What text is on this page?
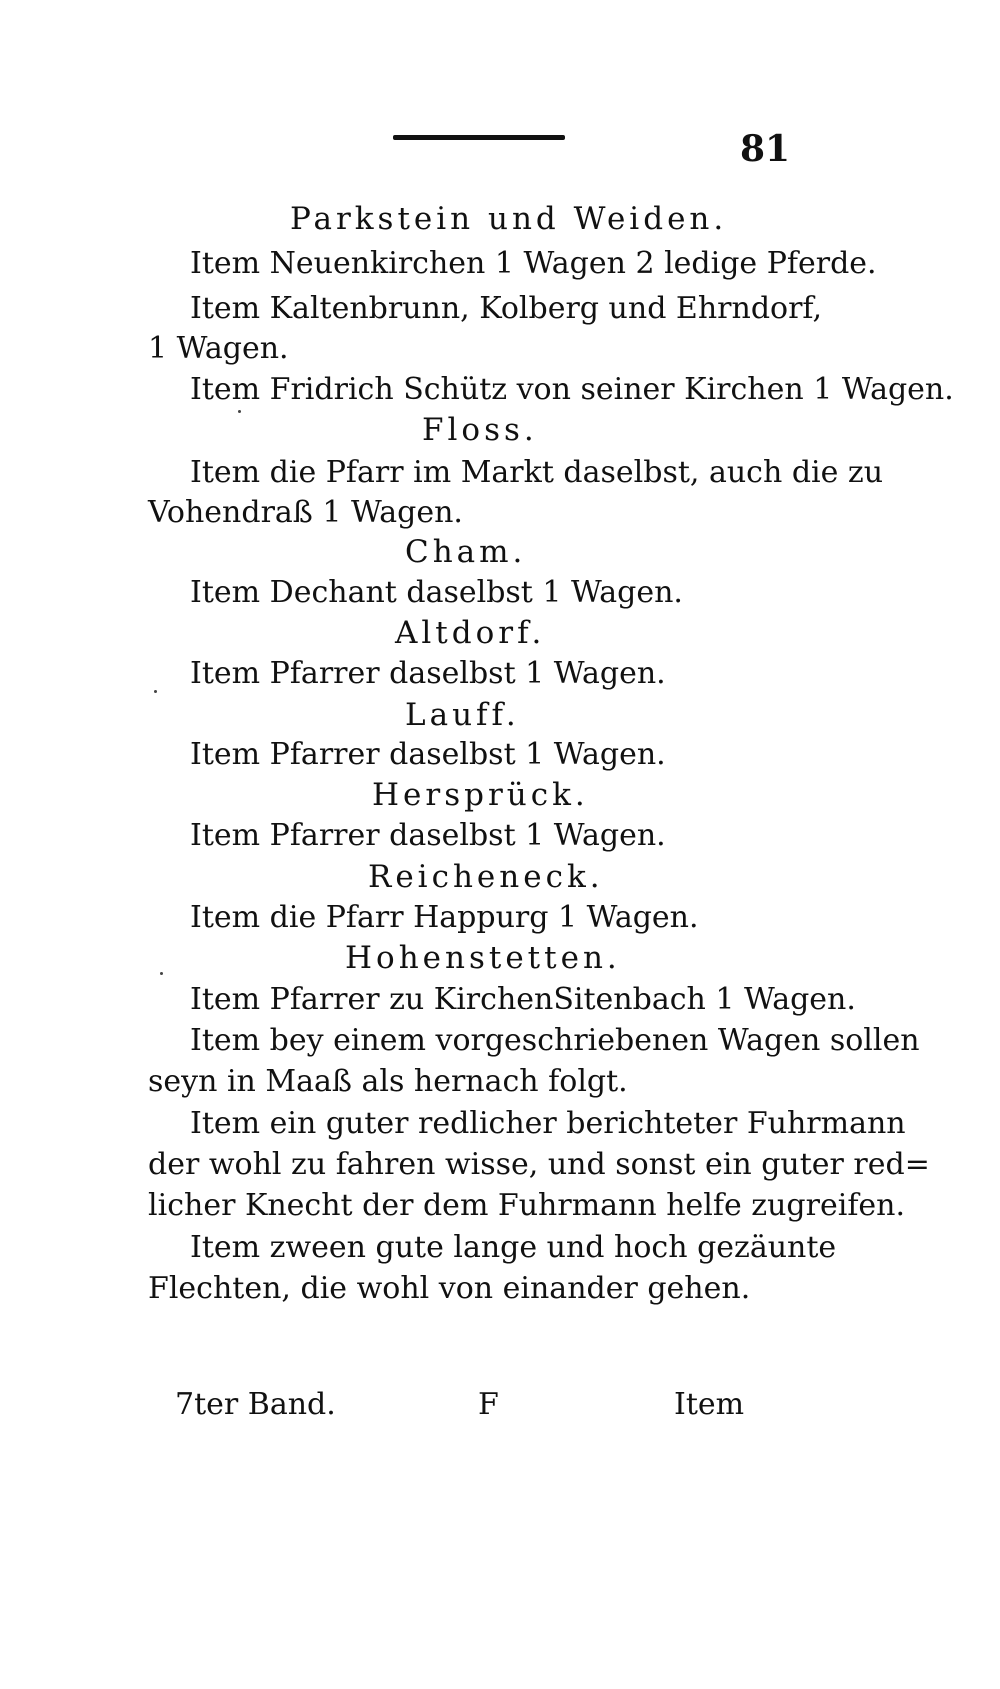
81
Parkstein und Weiden.
Item Neuenkirchen 1 Wagen 2 ledige Pferde.
Item Kaltenbrunn, Kolberg und Ehrndorf,
1 Wagen.
Item Fridrich Schütz von seiner Kirchen 1 Wagen.
Floss.
Item die Pfarr im Markt daselbst, auch die zu
Vohendraß 1 Wagen.
Cham.
Item Dechant daselbst 1 Wagen.
Altdorf.
Item Pfarrer daselbst 1 Wagen.
Lauff.
Item Pfarrer daselbst 1 Wagen.
Hersprück.
Item Pfarrer daselbst 1 Wagen.
Reicheneck.
Item die Pfarr Happurg 1 Wagen.
Hohenstetten.
Item Pfarrer zu KirchenSitenbach 1 Wagen.
Item bey einem vorgeschriebenen Wagen sollen
seyn in Maaß als hernach folgt.
Item ein guter redlicher berichteter Fuhrmann
der wohl zu fahren wisse, und sonst ein guter red=
licher Knecht der dem Fuhrmann helfe zugreifen.
Item zween gute lange und hoch gezäunte
Flechten, die wohl von einander gehen.
7ter Band.	F	Item
